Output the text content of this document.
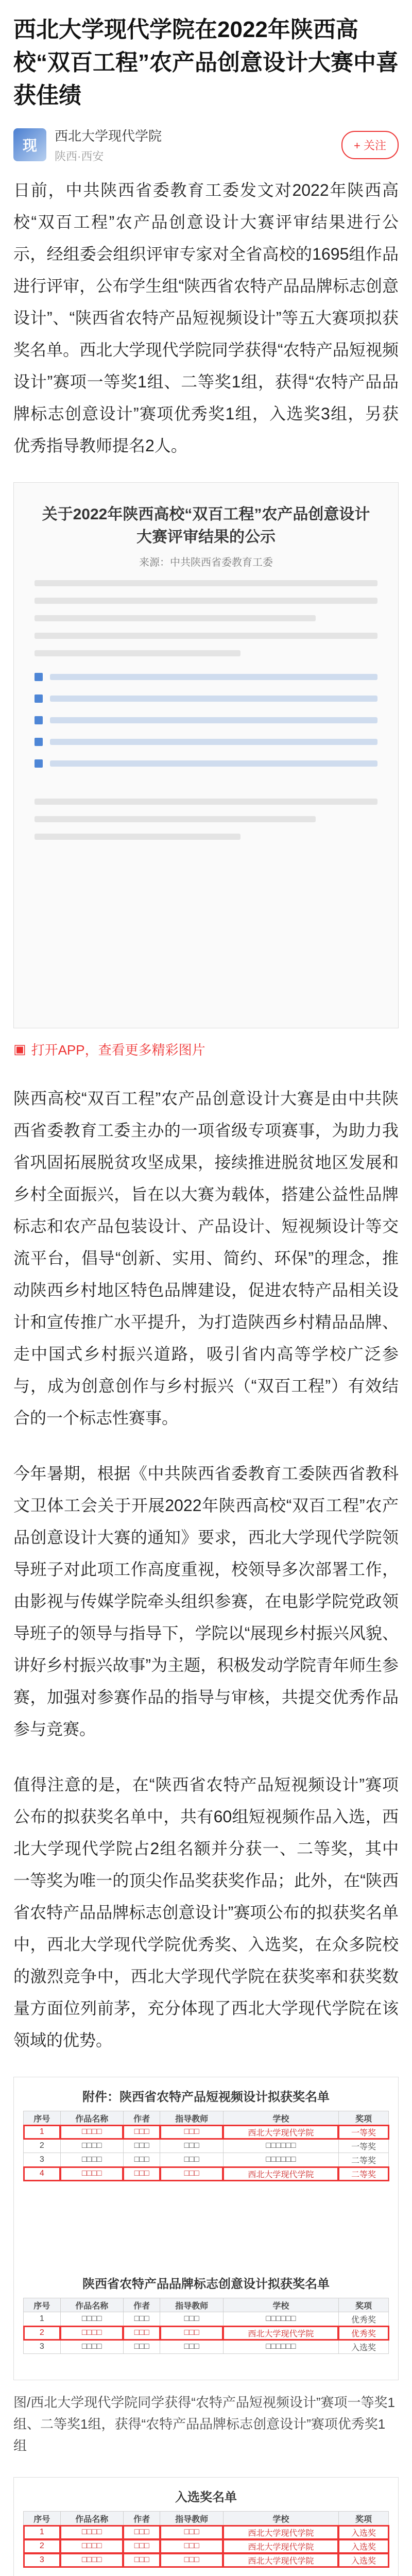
西北大学现代学院在2022年陕西高校“双百工程”农产品创意设计大赛中喜获佳绩
现
西北大学现代学院
陕西·西安
+ 关注

日前，中共陕西省委教育工委发文对2022年陕西高校“双百工程”农产品创意设计大赛评审结果进行公示，经组委会组织评审专家对全省高校的1695组作品进行评审，公布学生组“陕西省农特产品品牌标志创意设计”、“陕西省农特产品短视频设计”等五大赛项拟获奖名单。西北大学现代学院同学获得“农特产品短视频设计”赛项一等奖1组、二等奖1组，获得“农特产品品牌标志创意设计”赛项优秀奖1组，入选奖3组，另获优秀指导教师提名2人。

关于2022年陕西高校“双百工程”农产品创意设计大赛评审结果的公示
来源：中共陕西省委教育工委
▣ 打开APP，查看更多精彩图片

陕西高校“双百工程”农产品创意设计大赛是由中共陕西省委教育工委主办的一项省级专项赛事，为助力我省巩固拓展脱贫攻坚成果，接续推进脱贫地区发展和乡村全面振兴，旨在以大赛为载体，搭建公益性品牌标志和农产品包装设计、产品设计、短视频设计等交流平台，倡导“创新、实用、简约、环保”的理念，推动陕西乡村地区特色品牌建设，促进农特产品相关设计和宣传推广水平提升，为打造陕西乡村精品品牌、走中国式乡村振兴道路，吸引省内高等学校广泛参与，成为创意创作与乡村振兴（“双百工程”）有效结合的一个标志性赛事。

今年暑期，根据《中共陕西省委教育工委陕西省教科文卫体工会关于开展2022年陕西高校“双百工程”农产品创意设计大赛的通知》要求，西北大学现代学院领导班子对此项工作高度重视，校领导多次部署工作，由影视与传媒学院牵头组织参赛，在电影学院党政领导班子的领导与指导下，学院以“展现乡村振兴风貌、讲好乡村振兴故事”为主题，积极发动学院青年师生参赛，加强对参赛作品的指导与审核，共提交优秀作品参与竞赛。

值得注意的是，在“陕西省农特产品短视频设计”赛项公布的拟获奖名单中，共有60组短视频作品入选，西北大学现代学院占2组名额并分获一、二等奖，其中一等奖为唯一的顶尖作品奖获奖作品；此外，在“陕西省农特产品品牌标志创意设计”赛项公布的拟获奖名单中，西北大学现代学院优秀奖、入选奖，在众多院校的激烈竞争中，西北大学现代学院在获奖率和获奖数量方面位列前茅，充分体现了西北大学现代学院在该领域的优势。

附件：陕西省农特产品短视频设计拟获奖名单
序号	作品名称	作者	指导教师	学校	奖项
1	□□□□	□□□	□□□	西北大学现代学院	一等奖
2	□□□□	□□□	□□□	□□□□□□	一等奖
3	□□□□	□□□	□□□	□□□□□□	二等奖
4	□□□□	□□□	□□□	西北大学现代学院	二等奖
陕西省农特产品品牌标志创意设计拟获奖名单
序号	作品名称	作者	指导教师	学校	奖项
1	□□□□	□□□	□□□	□□□□□□	优秀奖
2	□□□□	□□□	□□□	西北大学现代学院	优秀奖
3	□□□□	□□□	□□□	□□□□□□	入选奖
图/西北大学现代学院同学获得“农特产品短视频设计”赛项一等奖1组、二等奖1组，获得“农特产品品牌标志创意设计”赛项优秀奖1组
入选奖名单
序号	作品名称	作者	指导教师	学校	奖项
1	□□□□	□□□	□□□	西北大学现代学院	入选奖
2	□□□□	□□□	□□□	西北大学现代学院	入选奖
3	□□□□	□□□	□□□	西北大学现代学院	入选奖
